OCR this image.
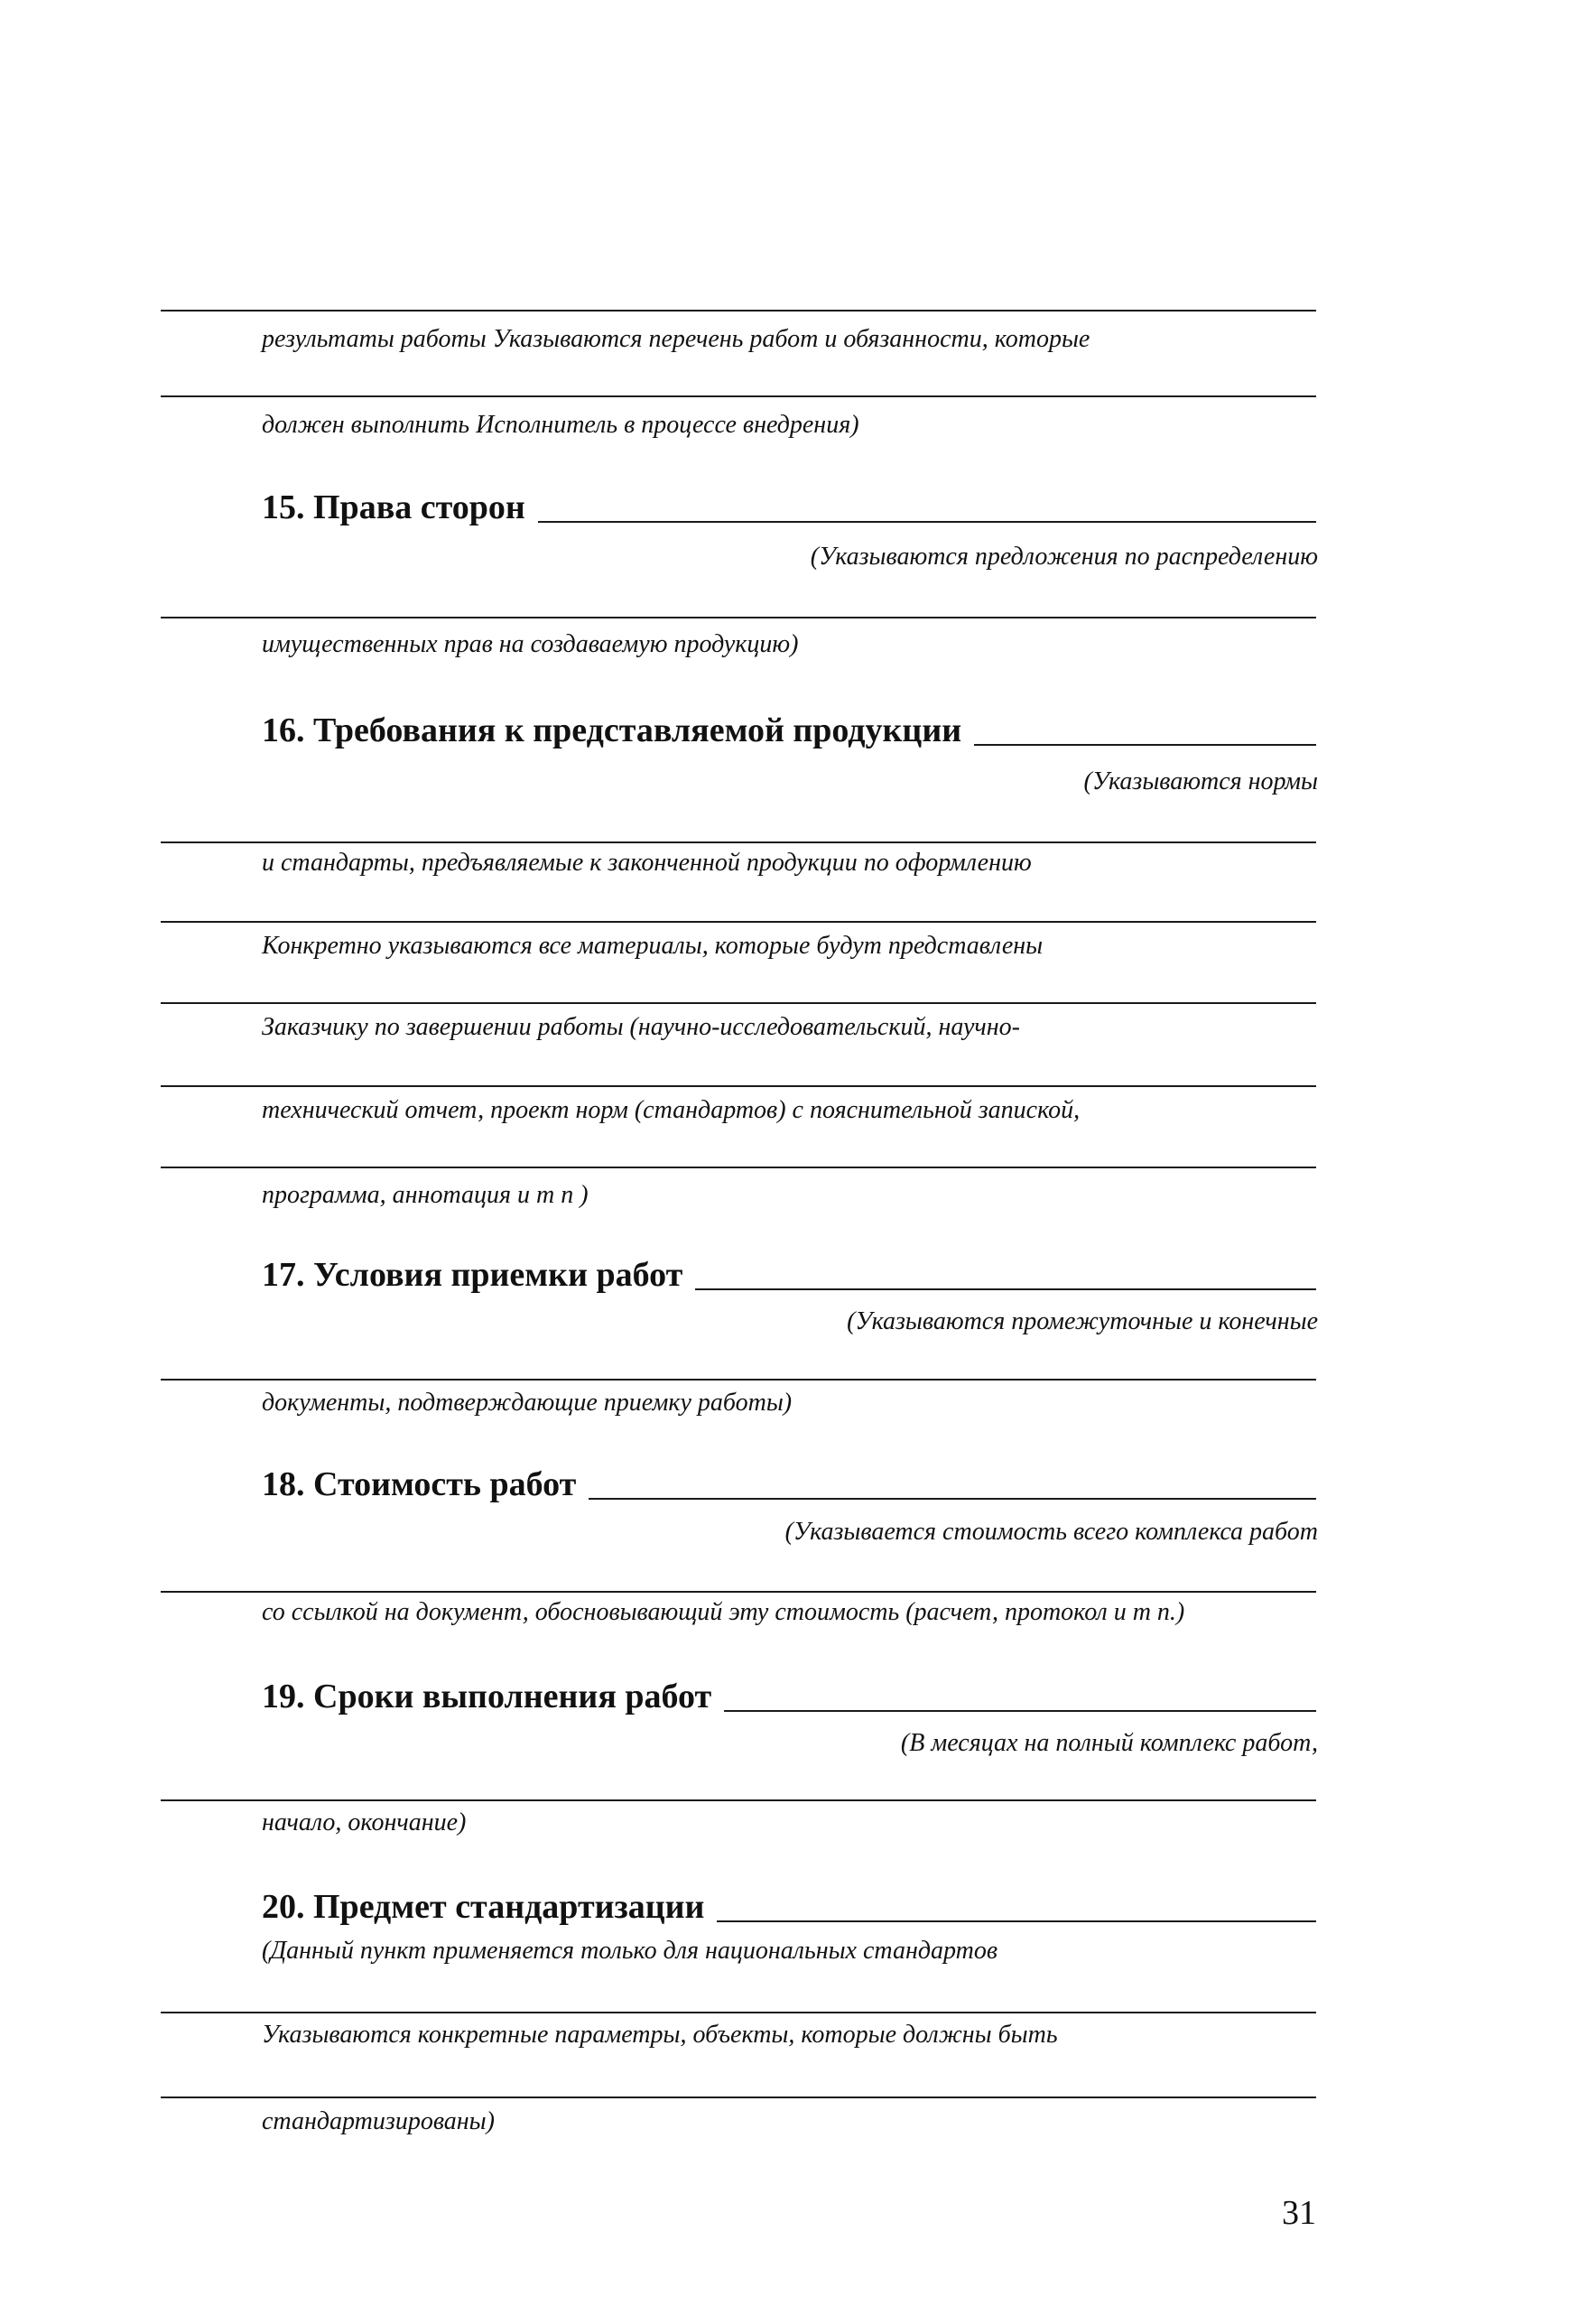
результаты работы Указываются перечень работ и обязанности, которые
должен выполнить Исполнитель в процессе внедрения)
15. Права сторон
(Указываются предложения по распределению
имущественных прав на создаваемую продукцию)
16. Требования к представляемой продукции
(Указываются нормы
и стандарты, предъявляемые к законченной продукции по оформлению
Конкретно указываются все материалы, которые будут представлены
Заказчику по завершении работы (научно-исследовательский, научно-
технический отчет, проект норм (стандартов) с пояснительной запиской,
программа, аннотация и т п )
17. Условия приемки работ
(Указываются промежуточные и конечные
документы, подтверждающие приемку работы)
18. Стоимость работ
(Указывается стоимость всего комплекса работ
со ссылкой на документ, обосновывающий эту стоимость (расчет, протокол и т п.)
19. Сроки выполнения работ
(В месяцах на полный комплекс работ,
начало, окончание)
20. Предмет стандартизации
(Данный пункт применяется только для национальных стандартов
Указываются конкретные параметры, объекты, которые должны быть
стандартизированы)
31
